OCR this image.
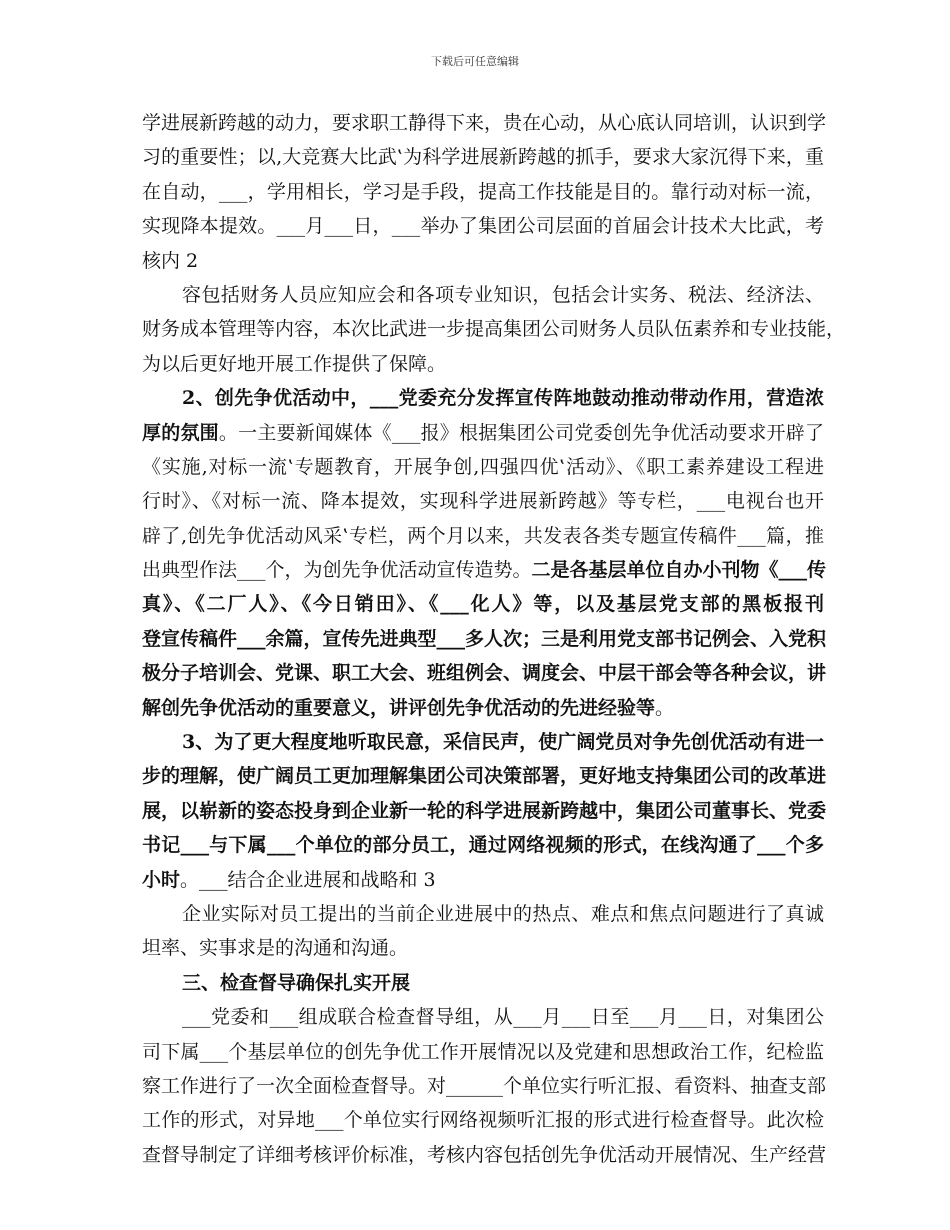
下载后可任意编辑
学进展新跨越的动力，要求职工静得下来，贵在心动，从心底认同培训，认识到学
习的重要性；以‚大竞赛大比武‛为科学进展新跨越的抓手，要求大家沉得下来，重
在自动，___，学用相长，学习是手段，提高工作技能是目的。靠行动对标一流，
实现降本提效。___月___日，___举办了集团公司层面的首届会计技术大比武，考
核内 2
容包括财务人员应知应会和各项专业知识，包括会计实务、税法、经济法、
财务成本管理等内容，本次比武进一步提高集团公司财务人员队伍素养和专业技能，
为以后更好地开展工作提供了保障。
2、创先争优活动中，___党委充分发挥宣传阵地鼓动推动带动作用，营造浓
厚的氛围。一主要新闻媒体《___报》根据集团公司党委创先争优活动要求开辟了
《实施‚对标一流‛专题教育，开展争创‚四强四优‛活动》、《职工素养建设工程进
行时》、《对标一流、降本提效，实现科学进展新跨越》等专栏，___电视台也开
辟了‚创先争优活动风采‛专栏，两个月以来，共发表各类专题宣传稿件___篇，推
出典型作法___个，为创先争优活动宣传造势。二是各基层单位自办小刊物《___传
真》、《二厂人》、《今日销田》、《___化人》等，以及基层党支部的黑板报刊
登宣传稿件___余篇，宣传先进典型___多人次；三是利用党支部书记例会、入党积
极分子培训会、党课、职工大会、班组例会、调度会、中层干部会等各种会议，讲
解创先争优活动的重要意义，讲评创先争优活动的先进经验等。
3、为了更大程度地听取民意，采信民声，使广阔党员对争先创优活动有进一
步的理解，使广阔员工更加理解集团公司决策部署，更好地支持集团公司的改革进
展，以崭新的姿态投身到企业新一轮的科学进展新跨越中，集团公司董事长、党委
书记___与下属___个单位的部分员工，通过网络视频的形式，在线沟通了___个多
小时。___结合企业进展和战略和 3
企业实际对员工提出的当前企业进展中的热点、难点和焦点问题进行了真诚
坦率、实事求是的沟通和沟通。
三、检查督导确保扎实开展
___党委和___组成联合检查督导组，从___月___日至___月___日，对集团公
司下属___个基层单位的创先争优工作开展情况以及党建和思想政治工作，纪检监
察工作进行了一次全面检查督导。对______个单位实行听汇报、看资料、抽查支部
工作的形式，对异地___个单位实行网络视频听汇报的形式进行检查督导。此次检
查督导制定了详细考核评价标准，考核内容包括创先争优活动开展情况、生产经营
